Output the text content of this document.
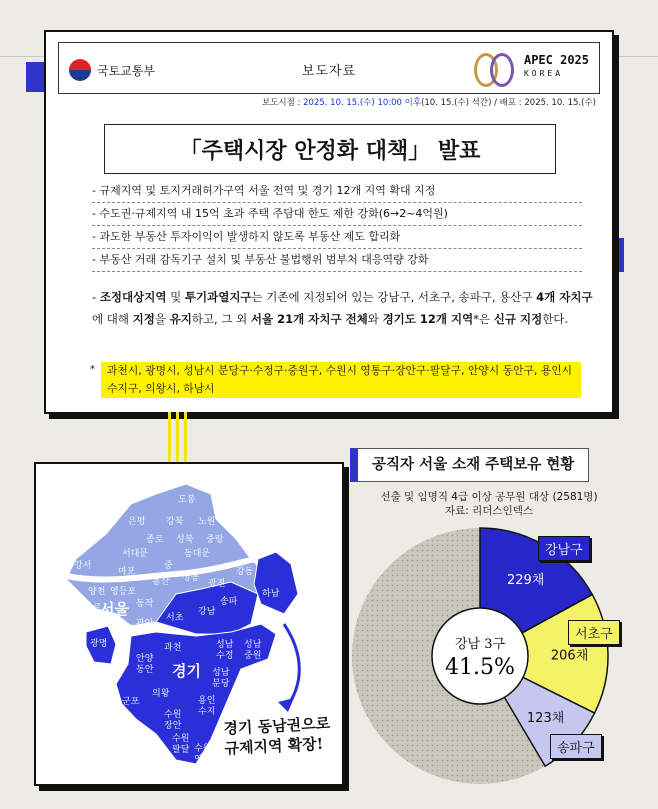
국토교통부	보도자료
APEC 2025
KOREA
보도시점 : 2025. 10. 15.(수) 10:00 이후(10. 15.(수) 석간) / 배포 : 2025. 10. 15.(수)
「주택시장 안정화 대책」 발표
- 규제지역 및 토지거래허가구역 서울 전역 및 경기 12개 지역 확대 지정
- 수도권·규제지역 내 15억 초과 주택 주담대 한도 제한 강화(6→2~4억원)
- 과도한 부동산 투자이익이 발생하지 않도록 부동산 제도 합리화
- 부동산 거래 감독기구 설치 및 부동산 불법행위 범부처 대응역량 강화
- 조정대상지역 및 투기과열지구는 기존에 지정되어 있는 강남구, 서초구, 송파구, 용산구 4개 자치구에 대해 지정을 유지하고, 그 외 서울 21개 자치구 전체와 경기도 12개 지역*은 신규 지정한다.
*	과천시, 광명시, 성남시 분당구·수정구·중원구, 수원시 영통구·장안구·팔달구, 안양시 동안구, 용인시 수지구, 의왕시, 하남시
도봉
은평 강북 노원
종로 성북 중랑
서대문	동대문
강서
마포
중
용산 성동
광진
강동
양천 영등포
동작
구로
서초
강남
송파
금천
관악
하남
광명	과천	성남 수정
성남 중원
성남 분당
안양 동안
의왕
용인 수지
수원 장안
수원 팔달 수원 영통
군포
서울
경기
경기 동남권으로
규제지역 확장!
공직자 서울 소재 주택보유 현황
선출 및 임명직 4급 이상 공무원 대상 (2581명)
자료: 리더스인덱스
강남 3구
41.5%
229채
206채
123채
강남구
서초구
송파구
